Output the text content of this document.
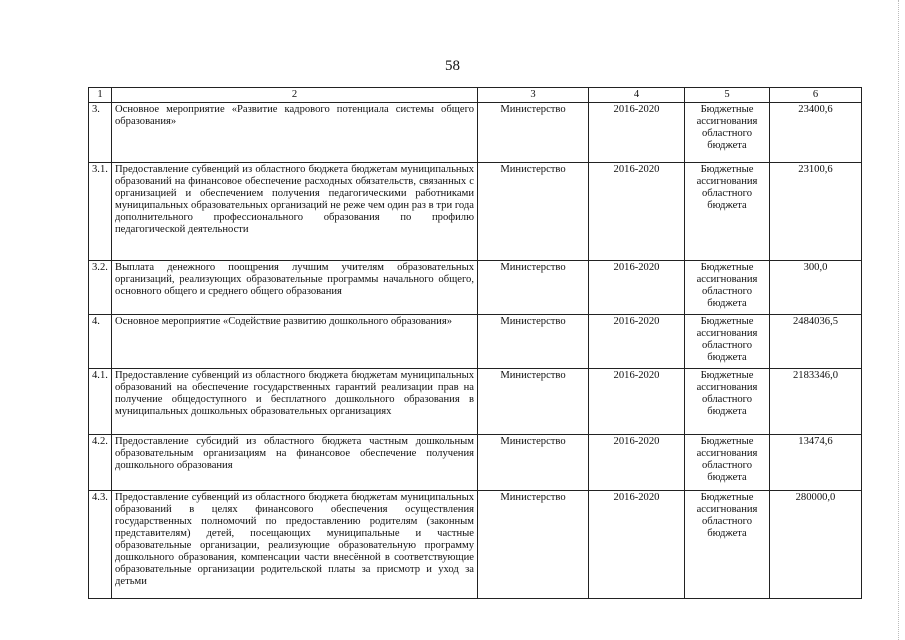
58
1	2	3	4	5	6
3.	Основное мероприятие «Развитие кадрового потенциала системы общего образования»	Министерство	2016-2020	Бюджетные ассигнования областного бюджета	23400,6
3.1.	Предоставление субвенций из областного бюджета бюджетам муниципальных образований на финансовое обеспечение расходных обязательств, связанных с организацией и обеспечением получения педагогическими работниками муниципальных образовательных организаций не реже чем один раз в три года дополнительного профессионального образования по профилю педагогической деятельности	Министерство	2016-2020	Бюджетные ассигнования областного бюджета	23100,6
3.2.	Выплата денежного поощрения лучшим учителям образовательных организаций, реализующих образовательные программы начального общего, основного общего и среднего общего образования	Министерство	2016-2020	Бюджетные ассигнования областного бюджета	300,0
4.	Основное мероприятие «Содействие развитию дошкольного образования»	Министерство	2016-2020	Бюджетные ассигнования областного бюджета	2484036,5
4.1.	Предоставление субвенций из областного бюджета бюджетам муниципальных образований на обеспечение государственных гарантий реализации прав на получение общедоступного и бесплатного дошкольного образования в муниципальных дошкольных образовательных организациях	Министерство	2016-2020	Бюджетные ассигнования областного бюджета	2183346,0
4.2.	Предоставление субсидий из областного бюджета частным дошкольным образовательным организациям на финансовое обеспечение получения дошкольного образования	Министерство	2016-2020	Бюджетные ассигнования областного бюджета	13474,6
4.3.	Предоставление субвенций из областного бюджета бюджетам муниципальных образований в целях финансового обеспечения осуществления государственных полномочий по предоставлению родителям (законным представителям) детей, посещающих муниципальные и частные образовательные организации, реализующие образовательную программу дошкольного образования, компенсации части внесённой в соответствующие образовательные организации родительской платы за присмотр и уход за детьми	Министерство	2016-2020	Бюджетные ассигнования областного бюджета	280000,0
